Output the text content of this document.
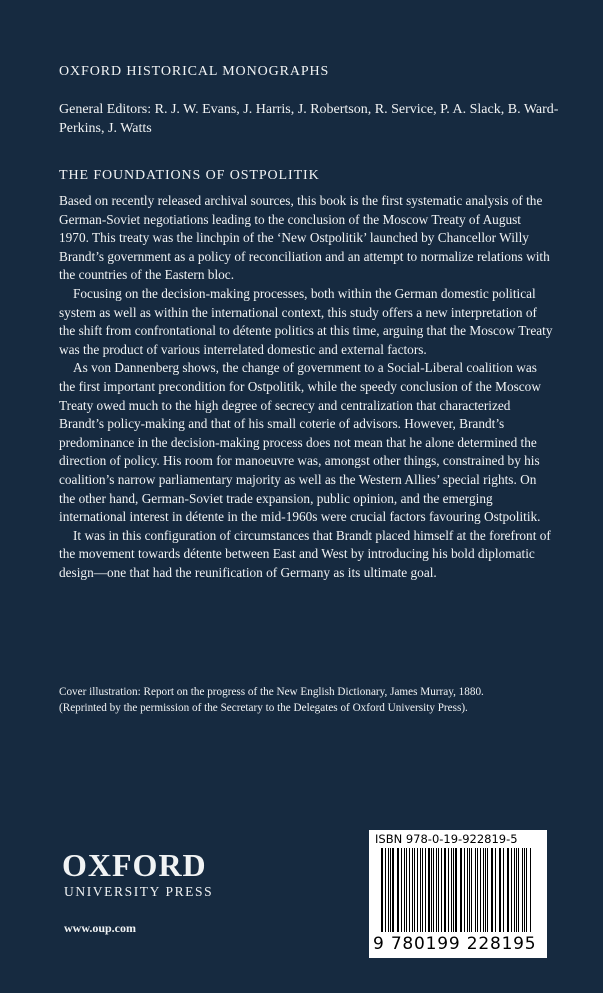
OXFORD HISTORICAL MONOGRAPHS
General Editors: R. J. W. Evans, J. Harris, J. Robertson, R. Service, P. A. Slack, B. Ward-Perkins, J. Watts
THE FOUNDATIONS OF OSTPOLITIK

Based on recently released archival sources, this book is the first systematic analysis of the German-Soviet negotiations leading to the conclusion of the Moscow Treaty of August 1970. This treaty was the linchpin of the ‘New Ostpolitik’ launched by Chancellor Willy Brandt’s government as a policy of reconciliation and an attempt to normalize relations with the countries of the Eastern bloc.

Focusing on the decision-making processes, both within the German domestic political system as well as within the international context, this study offers a new interpretation of the shift from confrontational to détente politics at this time, arguing that the Moscow Treaty was the product of various interrelated domestic and external factors.

As von Dannenberg shows, the change of government to a Social-Liberal coalition was the first important precondition for Ostpolitik, while the speedy conclusion of the Moscow Treaty owed much to the high degree of secrecy and centralization that characterized Brandt’s policy-making and that of his small coterie of advisors. However, Brandt’s predominance in the decision-making process does not mean that he alone determined the direction of policy. His room for manoeuvre was, amongst other things, constrained by his coalition’s narrow parliamentary majority as well as the Western Allies’ special rights. On the other hand, German-Soviet trade expansion, public opinion, and the emerging international interest in détente in the mid-1960s were crucial factors favouring Ostpolitik.

It was in this configuration of circumstances that Brandt placed himself at the forefront of the movement towards détente between East and West by introducing his bold diplomatic design—one that had the reunification of Germany as its ultimate goal.

Cover illustration: Report on the progress of the New English Dictionary, James Murray, 1880.
(Reprinted by the permission of the Secretary to the Delegates of Oxford University Press).
OXFORD
UNIVERSITY PRESS
www.oup.com
ISBN 978-0-19-922819-5
9 780199 228195
